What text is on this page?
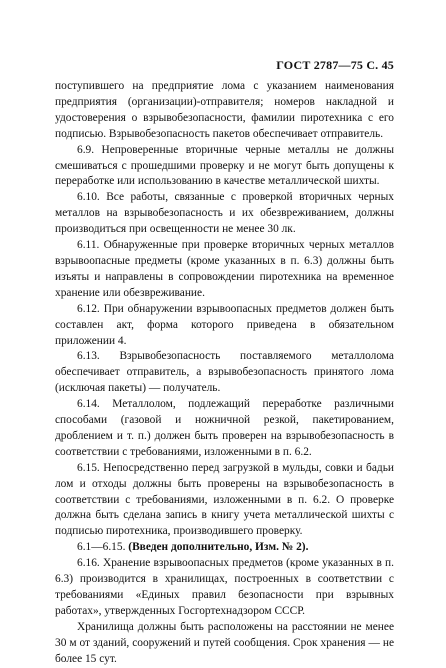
ГОСТ 2787—75 С. 45

поступившего на предприятие лома с указанием наименования предприятия (организации)-отправителя; номеров накладной и удостоверения о взрывобезопасности, фамилии пиротехника с его подписью. Взрывобезопасность пакетов обеспечивает отправитель.

6.9. Непроверенные вторичные черные металлы не должны смешиваться с прошедшими проверку и не могут быть допущены к переработке или использованию в качестве металлической шихты.

6.10. Все работы, связанные с проверкой вторичных черных металлов на взрывобезопасность и их обезвреживанием, должны производиться при освещенности не менее 30 лк.

6.11. Обнаруженные при проверке вторичных черных металлов взрывоопасные предметы (кроме указанных в п. 6.3) должны быть изъяты и направлены в сопровождении пиротехника на временное хранение или обезвреживание.

6.12. При обнаружении взрывоопасных предметов должен быть составлен акт, форма которого приведена в обязательном приложении 4.

6.13. Взрывобезопасность поставляемого металлолома обеспечивает отправитель, а взрывобезопасность принятого лома (исключая пакеты) — получатель.

6.14. Металлолом, подлежащий переработке различными способами (газовой и ножничной резкой, пакетированием, дроблением и т. п.) должен быть проверен на взрывобезопасность в соответствии с требованиями, изложенными в п. 6.2.

6.15. Непосредственно перед загрузкой в мульды, совки и бадьи лом и отходы должны быть проверены на взрывобезопасность в соответствии с требованиями, изложенными в п. 6.2. О проверке должна быть сделана запись в книгу учета металлической шихты с подписью пиротехника, производившего проверку.

6.1—6.15. (Введен дополнительно, Изм. № 2).

6.16. Хранение взрывоопасных предметов (кроме указанных в п. 6.3) производится в хранилищах, построенных в соответствии с требованиями «Единых правил безопасности при взрывных работах», утвержденных Госгортехнадзором СССР.

Хранилища должны быть расположены на расстоянии не менее 30 м от зданий, сооружений и путей сообщения. Срок хранения — не более 15 сут.
